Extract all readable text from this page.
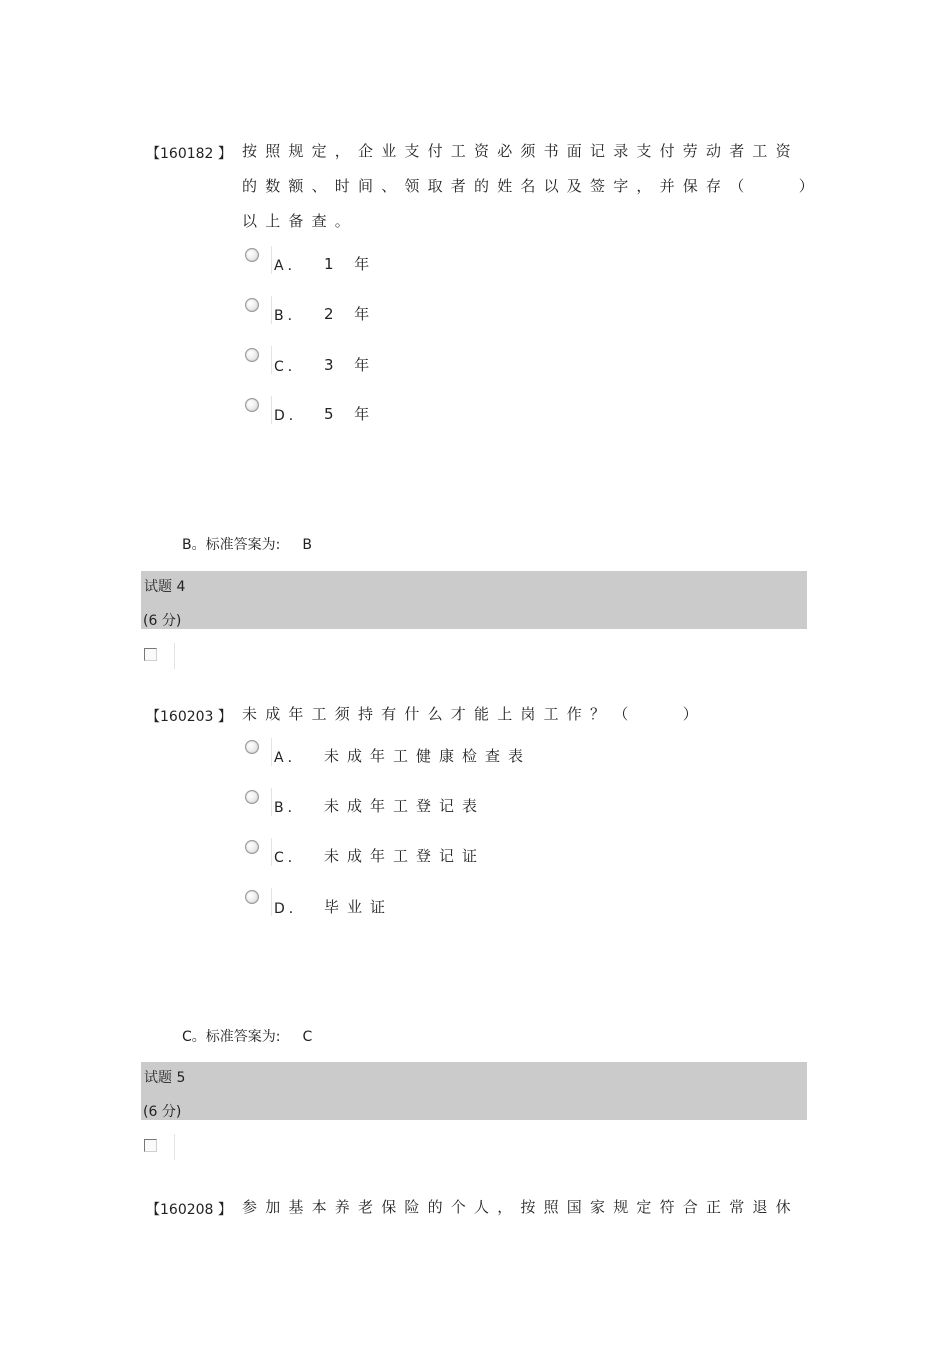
【160182 】 按照规定，企业支付工资必须书面记录支付劳动者工资
的数额、时间、领取者的姓名以及签字，并保存（　　）
以上备查。
A． 1 年
B． 2 年
C． 3 年
D． 5 年
B。标准答案为: B
试题 4
(6 分)
【160203 】 未成年工须持有什么才能上岗工作？（　　）
A． 未成年工健康检查表
B． 未成年工登记表
C． 未成年工登记证
D． 毕业证
C。标准答案为: C
试题 5
(6 分)
【160208 】 参加基本养老保险的个人，按照国家规定符合正常退休
